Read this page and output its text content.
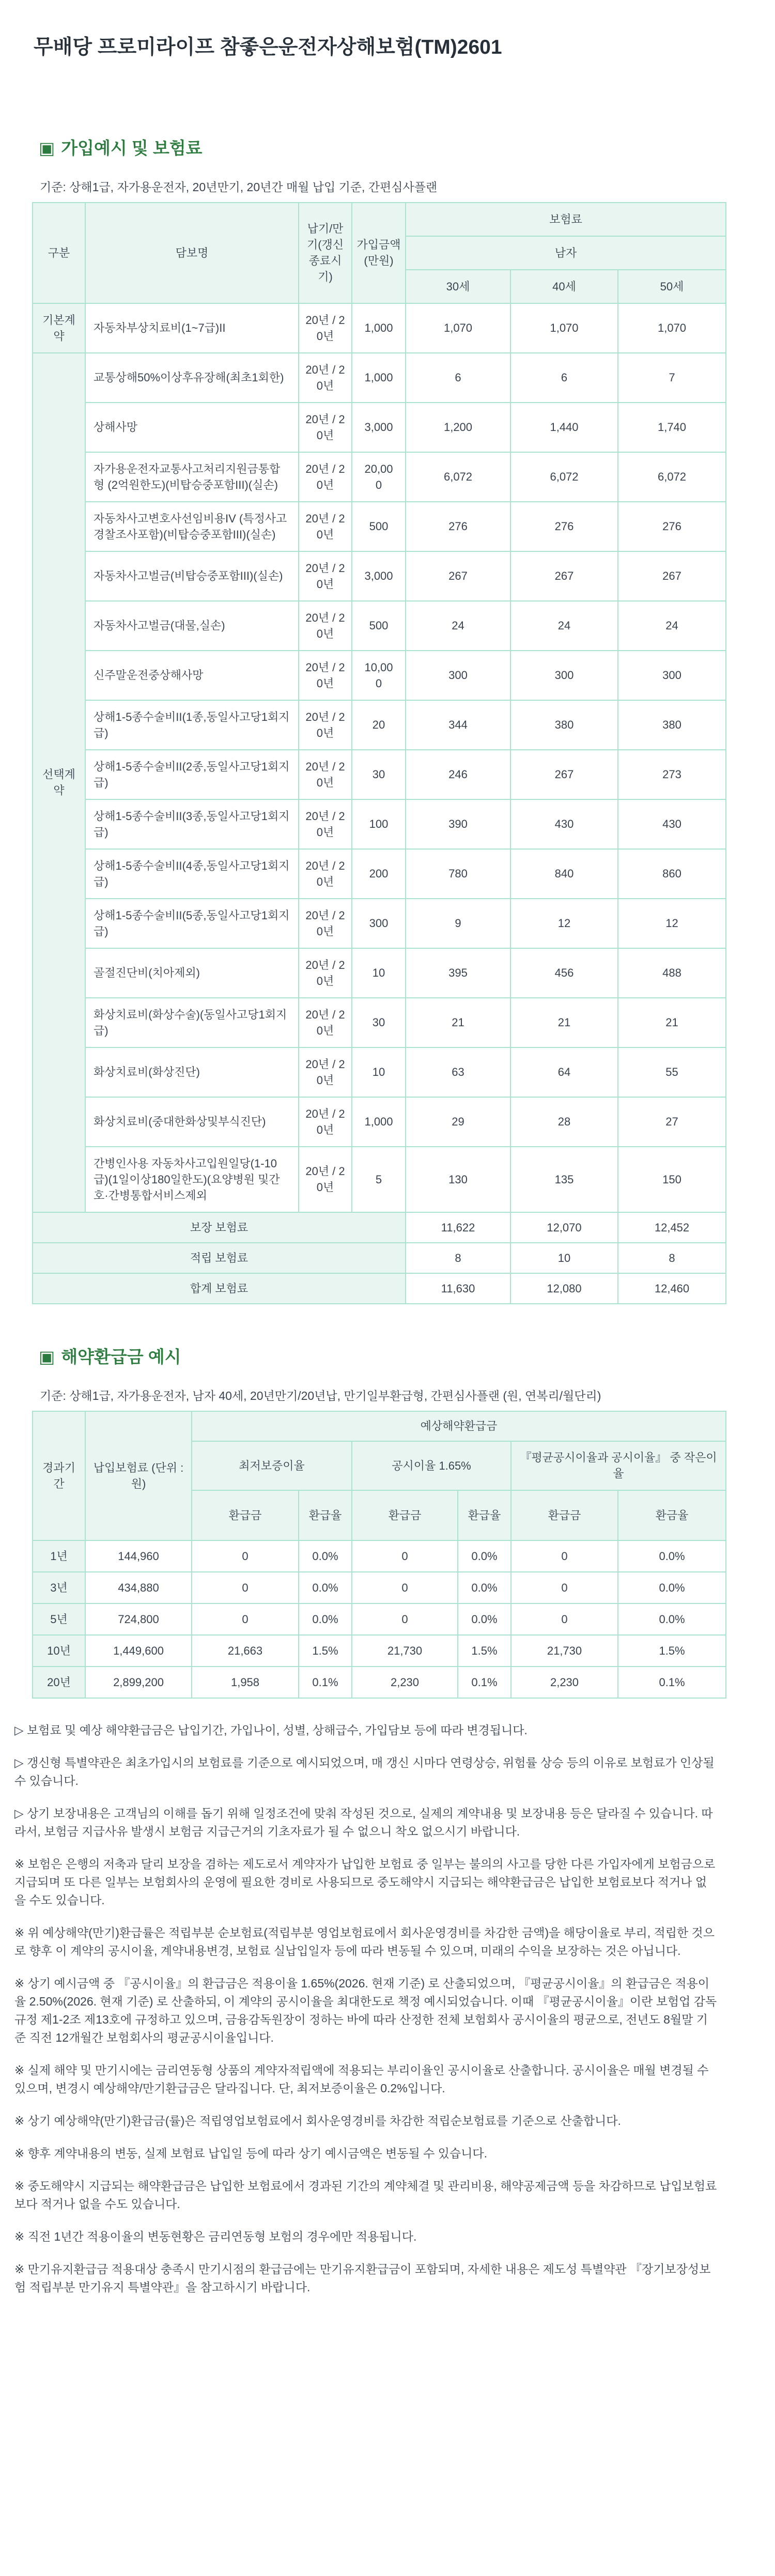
무배당 프로미라이프 참좋은운전자상해보험(TM)2601
▣ 가입예시 및 보험료

기준: 상해1급, 자가용운전자, 20년만기, 20년간 매월 납입 기준, 간편심사플랜

구분	담보명	납기/만기(갱신종료시기)	가입금액(만원)	보험료		
				남자		
				30세	40세	50세
기본계약	자동차부상치료비(1~7급)II	20년 / 20년	1,000	1,070	1,070	1,070
선택계약	교통상해50%이상후유장해(최초1회한)	20년 / 20년	1,000	6	6	7
	상해사망	20년 / 20년	3,000	1,200	1,440	1,740
	자가용운전자교통사고처리지원금통합형 (2억원한도)(비탑승중포함III)(실손)	20년 / 20년	20,000	6,072	6,072	6,072
	자동차사고변호사선임비용IV (특정사고경찰조사포함)(비탑승중포함III)(실손)	20년 / 20년	500	276	276	276
	자동차사고벌금(비탑승중포함III)(실손)	20년 / 20년	3,000	267	267	267
	자동차사고벌금(대물,실손)	20년 / 20년	500	24	24	24
	신주말운전중상해사망	20년 / 20년	10,000	300	300	300
	상해1-5종수술비II(1종,동일사고당1회지급)	20년 / 20년	20	344	380	380
	상해1-5종수술비II(2종,동일사고당1회지급)	20년 / 20년	30	246	267	273
	상해1-5종수술비II(3종,동일사고당1회지급)	20년 / 20년	100	390	430	430
	상해1-5종수술비II(4종,동일사고당1회지급)	20년 / 20년	200	780	840	860
	상해1-5종수술비II(5종,동일사고당1회지급)	20년 / 20년	300	9	12	12
	골절진단비(치아제외)	20년 / 20년	10	395	456	488
	화상치료비(화상수술)(동일사고당1회지급)	20년 / 20년	30	21	21	21
	화상치료비(화상진단)	20년 / 20년	10	63	64	55
	화상치료비(중대한화상및부식진단)	20년 / 20년	1,000	29	28	27
	간병인사용 자동차사고입원일당(1-10급)(1일이상180일한도)(요양병원 및간호·간병통합서비스제외	20년 / 20년	5	130	135	150
보장 보험료				11,622	12,070	12,452
적립 보험료				8	10	8
합계 보험료				11,630	12,080	12,460
▣ 해약환급금 예시

기준: 상해1급, 자가용운전자, 남자 40세, 20년만기/20년납, 만기일부환급형, 간편심사플랜 (원, 연복리/월단리)

경과기간	납입보험료 (단위 : 원)	예상해약환급금					
		최저보증이율		공시이율 1.65%		『평균공시이율과 공시이율』 중 작은이율	
		환급금	환급율	환급금	환급율	환급금	환금율
1년	144,960	0	0.0%	0	0.0%	0	0.0%
3년	434,880	0	0.0%	0	0.0%	0	0.0%
5년	724,800	0	0.0%	0	0.0%	0	0.0%
10년	1,449,600	21,663	1.5%	21,730	1.5%	21,730	1.5%
20년	2,899,200	1,958	0.1%	2,230	0.1%	2,230	0.1%

▷ 보험료 및 예상 해약환급금은 납입기간, 가입나이, 성별, 상해급수, 가입담보 등에 따라 변경됩니다.

▷ 갱신형 특별약관은 최초가입시의 보험료를 기준으로 예시되었으며, 매 갱신 시마다 연령상승, 위험률 상승 등의 이유로 보험료가 인상될 수 있습니다.

▷ 상기 보장내용은 고객님의 이해를 돕기 위해 일정조건에 맞춰 작성된 것으로, 실제의 계약내용 및 보장내용 등은 달라질 수 있습니다. 따라서, 보험금 지급사유 발생시 보험금 지급근거의 기초자료가 될 수 없으니 착오 없으시기 바랍니다.

※ 보험은 은행의 저축과 달리 보장을 겸하는 제도로서 계약자가 납입한 보험료 중 일부는 불의의 사고를 당한 다른 가입자에게 보험금으로 지급되며 또 다른 일부는 보험회사의 운영에 필요한 경비로 사용되므로 중도해약시 지급되는 해약환급금은 납입한 보험료보다 적거나 없을 수도 있습니다.

※ 위 예상해약(만기)환급률은 적립부분 순보험료(적립부분 영업보험료에서 회사운영경비를 차감한 금액)을 해당이율로 부리, 적립한 것으로 향후 이 계약의 공시이율, 계약내용변경, 보험료 실납입일자 등에 따라 변동될 수 있으며, 미래의 수익을 보장하는 것은 아닙니다.

※ 상기 예시금액 중 『공시이율』의 환급금은 적용이율 1.65%(2026. 현재 기준) 로 산출되었으며, 『평균공시이율』의 환급금은 적용이율 2.50%(2026. 현재 기준) 로 산출하되, 이 계약의 공시이율을 최대한도로 책정 예시되었습니다. 이때 『평균공시이율』이란 보험업 감독규정 제1-2조 제13호에 규정하고 있으며, 금융감독원장이 정하는 바에 따라 산정한 전체 보험회사 공시이율의 평균으로, 전년도 8월말 기준 직전 12개월간 보험회사의 평균공시이율입니다.

※ 실제 해약 및 만기시에는 금리연동형 상품의 계약자적립액에 적용되는 부리이율인 공시이율로 산출합니다. 공시이율은 매월 변경될 수 있으며, 변경시 예상해약/만기환급금은 달라집니다. 단, 최저보증이율은 0.2%입니다.

※ 상기 예상해약(만기)환급금(률)은 적립영업보험료에서 회사운영경비를 차감한 적립순보험료를 기준으로 산출합니다.

※ 향후 계약내용의 변동, 실제 보험료 납입일 등에 따라 상기 예시금액은 변동될 수 있습니다.

※ 중도해약시 지급되는 해약환급금은 납입한 보험료에서 경과된 기간의 계약체결 및 관리비용, 해약공제금액 등을 차감하므로 납입보험료보다 적거나 없을 수도 있습니다.

※ 직전 1년간 적용이율의 변동현황은 금리연동형 보험의 경우에만 적용됩니다.

※ 만기유지환급금 적용대상 충족시 만기시점의 환급금에는 만기유지환급금이 포함되며, 자세한 내용은 제도성 특별약관 『장기보장성보험 적립부분 만기유지 특별약관』을 참고하시기 바랍니다.
